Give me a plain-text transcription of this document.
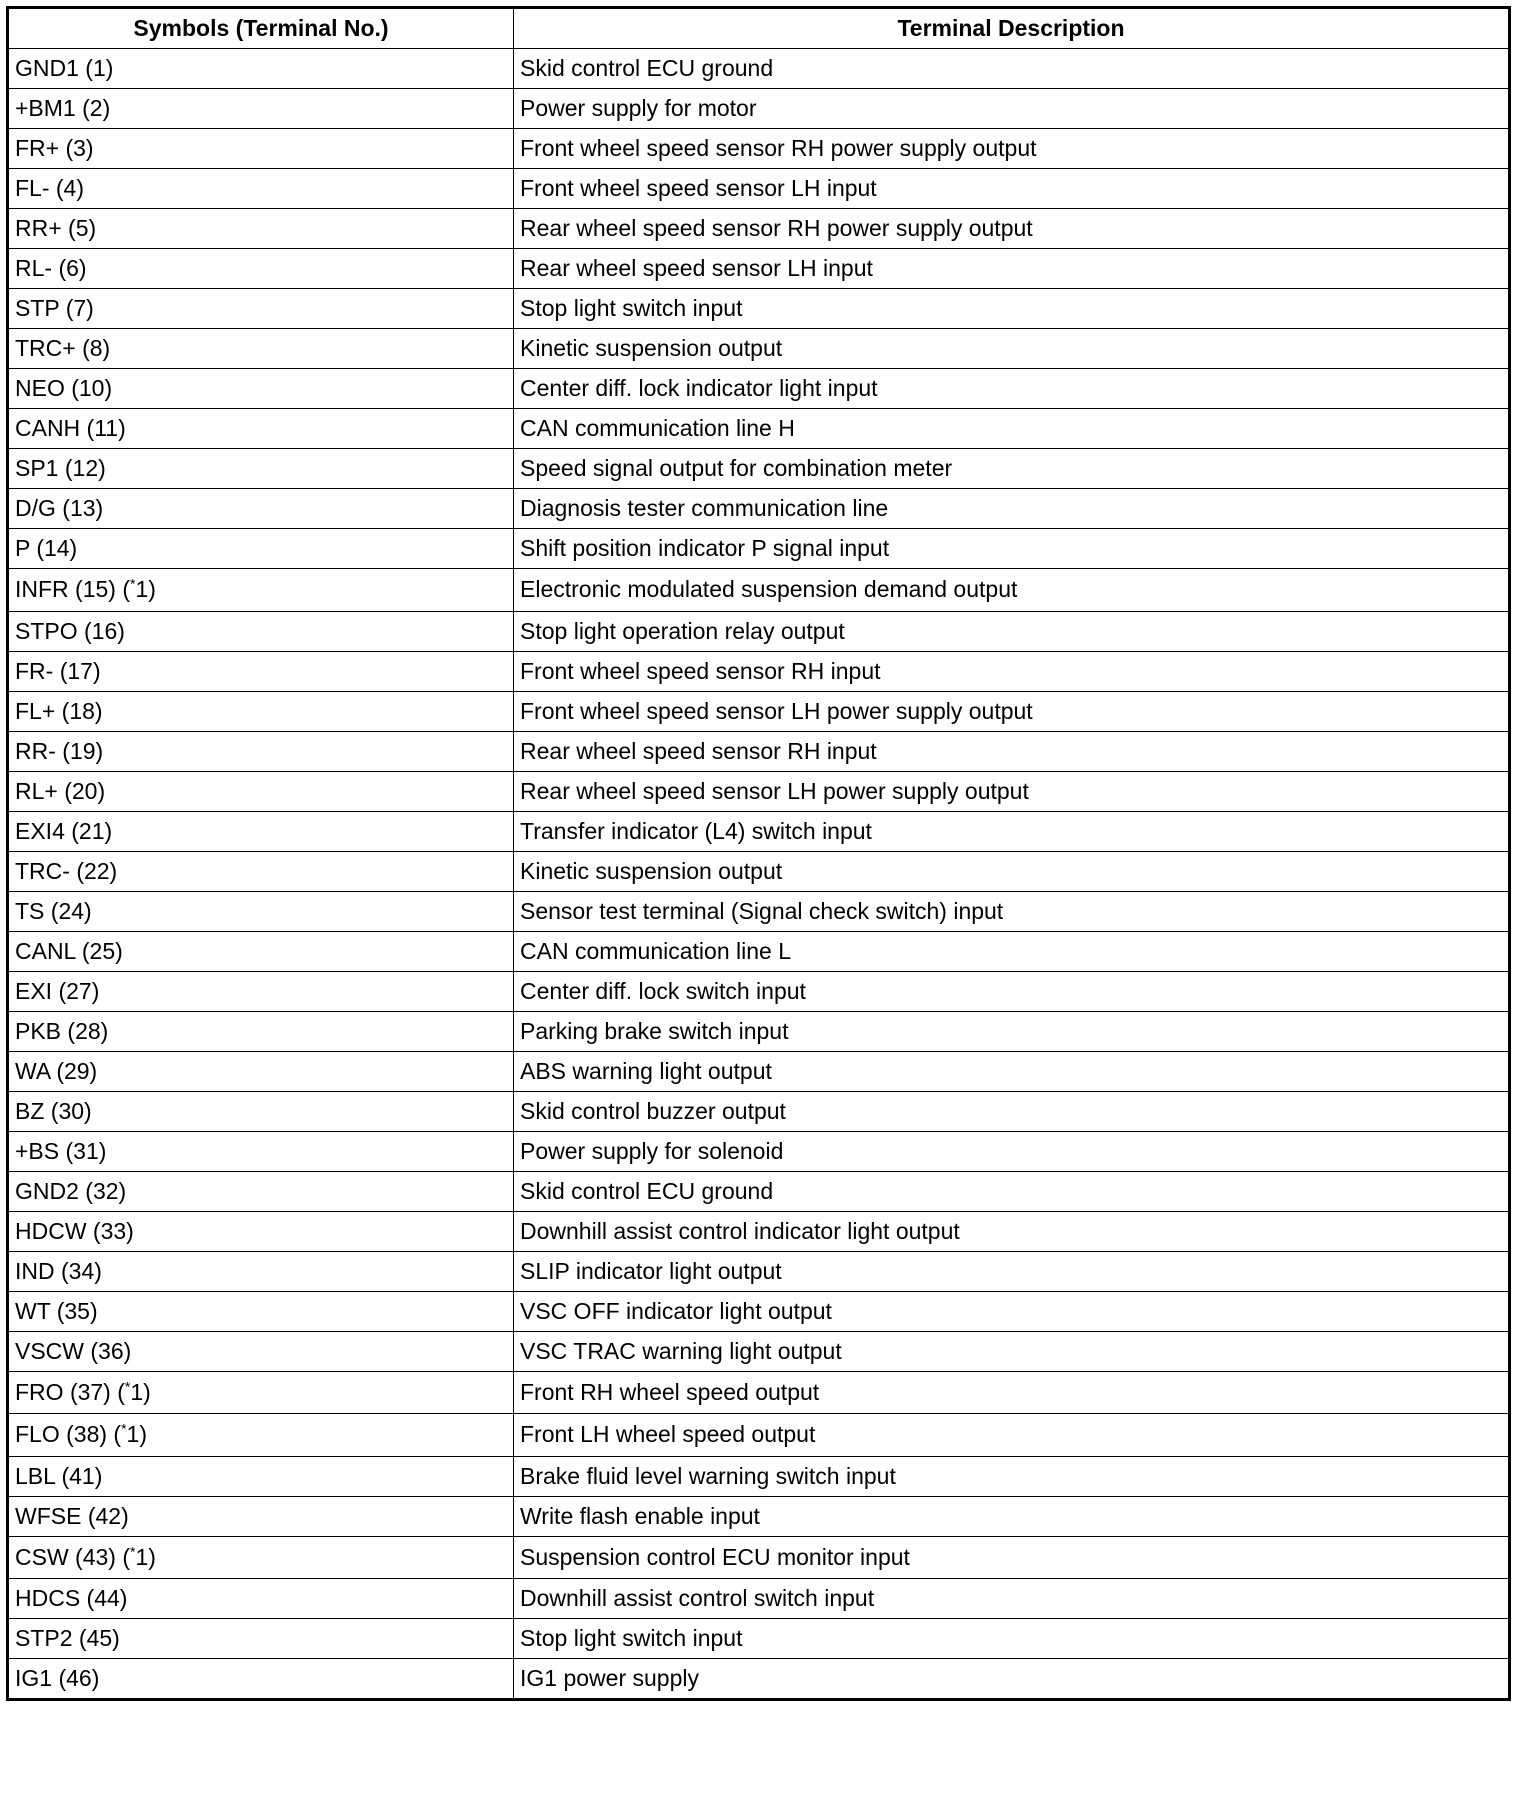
Symbols (Terminal No.)	Terminal Description
GND1 (1)	Skid control ECU ground
+BM1 (2)	Power supply for motor
FR+ (3)	Front wheel speed sensor RH power supply output
FL- (4)	Front wheel speed sensor LH input
RR+ (5)	Rear wheel speed sensor RH power supply output
RL- (6)	Rear wheel speed sensor LH input
STP (7)	Stop light switch input
TRC+ (8)	Kinetic suspension output
NEO (10)	Center diff. lock indicator light input
CANH (11)	CAN communication line H
SP1 (12)	Speed signal output for combination meter
D/G (13)	Diagnosis tester communication line
P (14)	Shift position indicator P signal input
INFR (15) (*1)	Electronic modulated suspension demand output
STPO (16)	Stop light operation relay output
FR- (17)	Front wheel speed sensor RH input
FL+ (18)	Front wheel speed sensor LH power supply output
RR- (19)	Rear wheel speed sensor RH input
RL+ (20)	Rear wheel speed sensor LH power supply output
EXI4 (21)	Transfer indicator (L4) switch input
TRC- (22)	Kinetic suspension output
TS (24)	Sensor test terminal (Signal check switch) input
CANL (25)	CAN communication line L
EXI (27)	Center diff. lock switch input
PKB (28)	Parking brake switch input
WA (29)	ABS warning light output
BZ (30)	Skid control buzzer output
+BS (31)	Power supply for solenoid
GND2 (32)	Skid control ECU ground
HDCW (33)	Downhill assist control indicator light output
IND (34)	SLIP indicator light output
WT (35)	VSC OFF indicator light output
VSCW (36)	VSC TRAC warning light output
FRO (37) (*1)	Front RH wheel speed output
FLO (38) (*1)	Front LH wheel speed output
LBL (41)	Brake fluid level warning switch input
WFSE (42)	Write flash enable input
CSW (43) (*1)	Suspension control ECU monitor input
HDCS (44)	Downhill assist control switch input
STP2 (45)	Stop light switch input
IG1 (46)	IG1 power supply
